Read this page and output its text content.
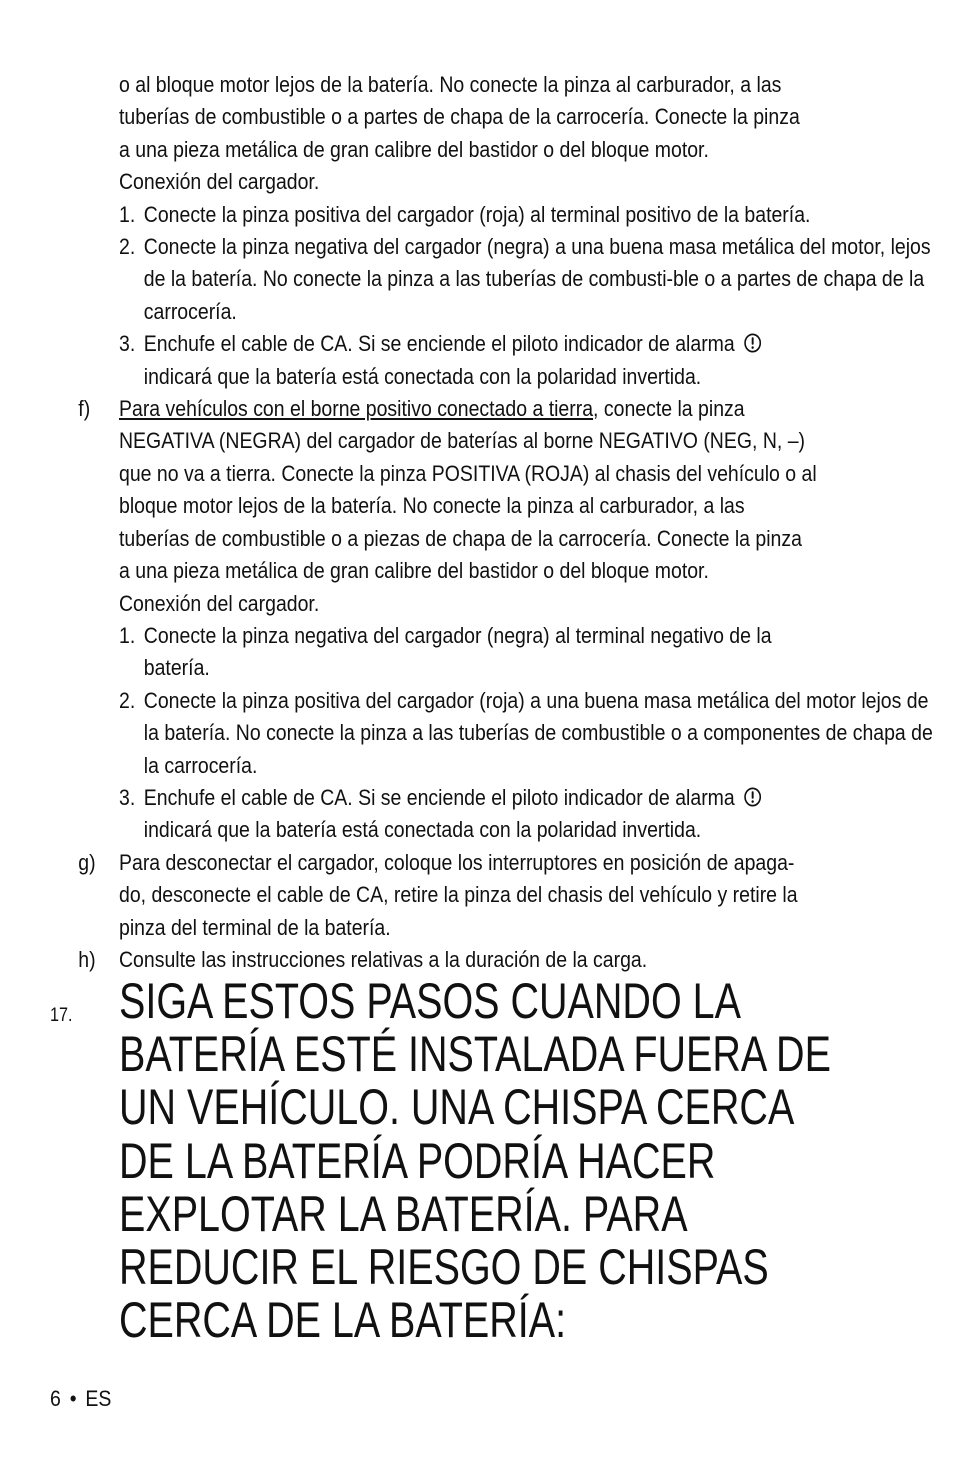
o al bloque motor lejos de la batería. No conecte la pinza al carburador, a las

tuberías de combustible o a partes de chapa de la carrocería. Conecte la pinza

a una pieza metálica de gran calibre del bastidor o del bloque motor.

Conexión del cargador.

1. Conecte la pinza positiva del cargador (roja) al terminal positivo de la batería.
2. Conecte la pinza negativa del cargador (negra) a una buena masa metálica del motor, lejos de la batería. No conecte la pinza a las tuberías de combusti-ble o a partes de chapa de la carrocería.
3. Enchufe el cable de CA. Si se enciende el piloto indicador de alarma
indicará que la batería está conectada con la polaridad invertida.
f) Para vehículos con el borne positivo conectado a tierra, conecte la pinza NEGATIVA (NEGRA) del cargador de baterías al borne NEGATIVO (NEG, N, –) que no va a tierra. Conecte la pinza POSITIVA (ROJA) al chasis del vehículo o al bloque motor lejos de la batería. No conecte la pinza al carburador, a las tuberías de combustible o a piezas de chapa de la carrocería. Conecte la pinza a una pieza metálica de gran calibre del bastidor o del bloque motor.

Conexión del cargador.

1. Conecte la pinza negativa del cargador (negra) al terminal negativo de la batería.
2. Conecte la pinza positiva del cargador (roja) a una buena masa metálica del motor lejos de la batería. No conecte la pinza a las tuberías de combustible o a componentes de chapa de la carrocería.
3. Enchufe el cable de CA. Si se enciende el piloto indicador de alarma
indicará que la batería está conectada con la polaridad invertida.
g) Para desconectar el cargador, coloque los interruptores en posición de apaga-do, desconecte el cable de CA, retire la pinza del chasis del vehículo y retire la pinza del terminal de la batería.

h) Consulte las instrucciones relativas a la duración de la carga.

17. SIGA ESTOS PASOS CUANDO LA BATERÍA ESTÉ INSTALADA FUERA DE UN VEHÍCULO. UNA CHISPA CERCA DE LA BATERÍA PODRÍA HACER EXPLOTAR LA BATERÍA. PARA REDUCIR EL RIESGO DE CHISPAS CERCA DE LA BATERÍA:
6 • ES
